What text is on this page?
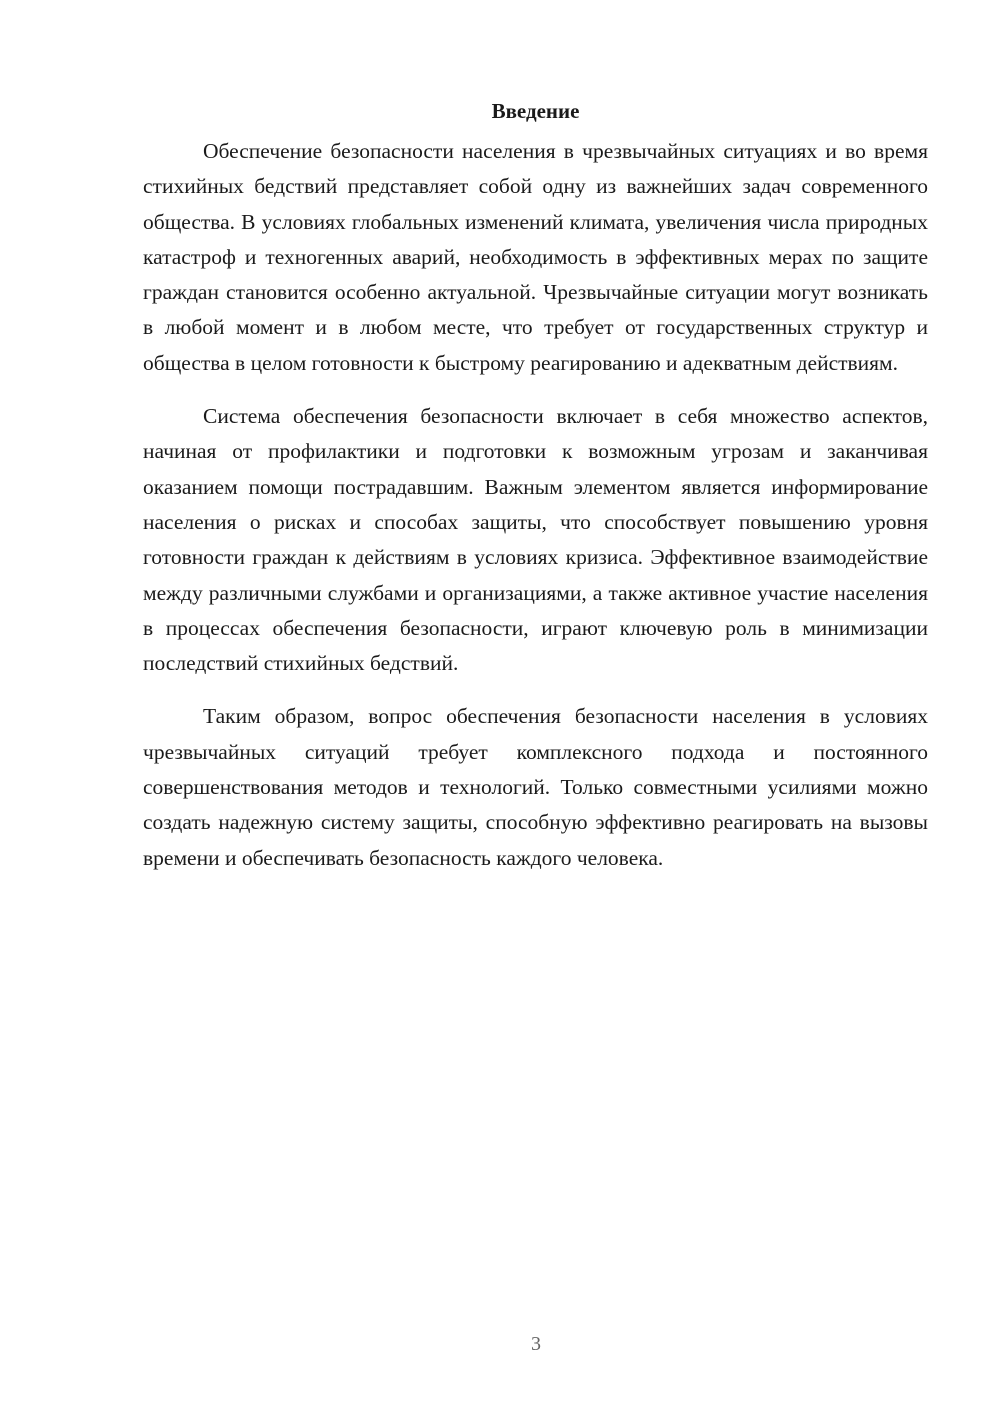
Введение

Обеспечение безопасности населения в чрезвычайных ситуациях и во время стихийных бедствий представляет собой одну из важнейших задач современного общества. В условиях глобальных изменений климата, увеличения числа природных катастроф и техногенных аварий, необходимость в эффективных мерах по защите граждан становится особенно актуальной. Чрезвычайные ситуации могут возникать в любой момент и в любом месте, что требует от государственных структур и общества в целом готовности к быстрому реагированию и адекватным действиям.

Система обеспечения безопасности включает в себя множество аспектов, начиная от профилактики и подготовки к возможным угрозам и заканчивая оказанием помощи пострадавшим. Важным элементом является информирование населения о рисках и способах защиты, что способствует повышению уровня готовности граждан к действиям в условиях кризиса. Эффективное взаимодействие между различными службами и организациями, а также активное участие населения в процессах обеспечения безопасности, играют ключевую роль в минимизации последствий стихийных бедствий.

Таким образом, вопрос обеспечения безопасности населения в условиях чрезвычайных ситуаций требует комплексного подхода и постоянного совершенствования методов и технологий. Только совместными усилиями можно создать надежную систему защиты, способную эффективно реагировать на вызовы времени и обеспечивать безопасность каждого человека.

3
